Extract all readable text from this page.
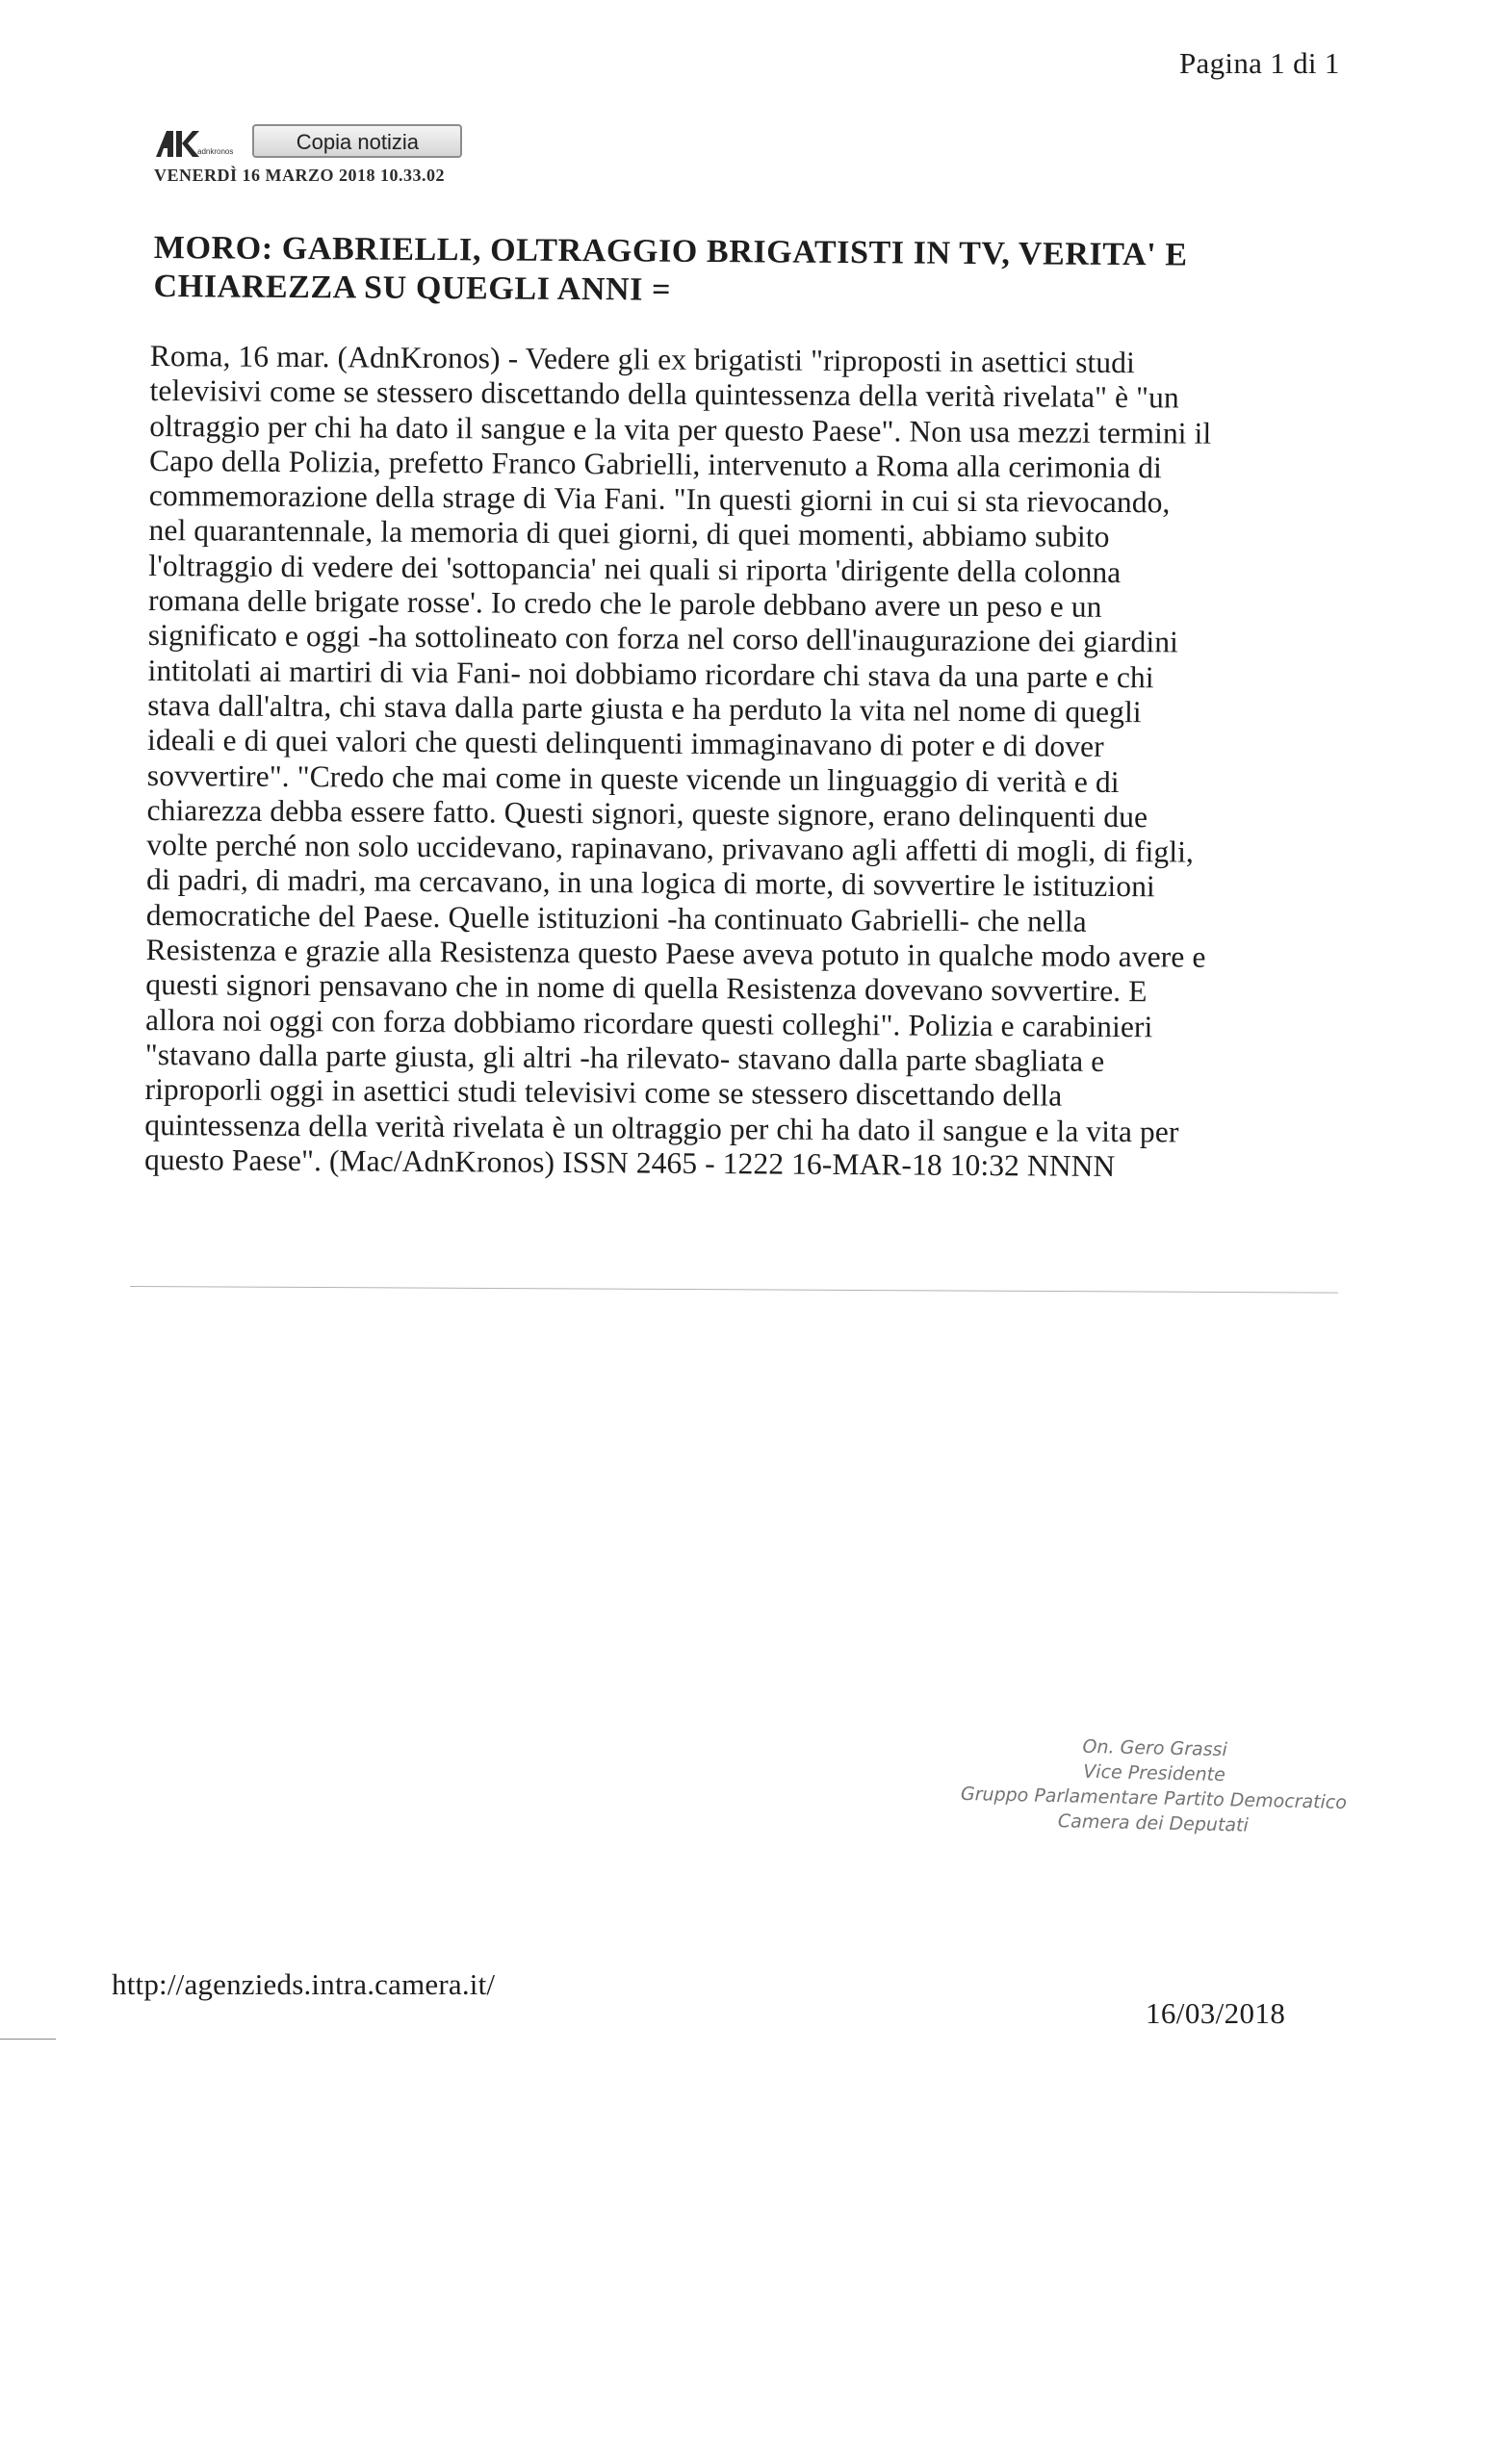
Pagina 1 di 1
adnkronos	Copia notizia
VENERDÌ 16 MARZO 2018 10.33.02
MORO: GABRIELLI, OLTRAGGIO BRIGATISTI IN TV, VERITA' E
CHIAREZZA SU QUEGLI ANNI =
Roma, 16 mar. (AdnKronos) - Vedere gli ex brigatisti "riproposti in asettici studi
televisivi come se stessero discettando della quintessenza della verità rivelata" è "un
oltraggio per chi ha dato il sangue e la vita per questo Paese". Non usa mezzi termini il
Capo della Polizia, prefetto Franco Gabrielli, intervenuto a Roma alla cerimonia di
commemorazione della strage di Via Fani. "In questi giorni in cui si sta rievocando,
nel quarantennale, la memoria di quei giorni, di quei momenti, abbiamo subito
l'oltraggio di vedere dei 'sottopancia' nei quali si riporta 'dirigente della colonna
romana delle brigate rosse'. Io credo che le parole debbano avere un peso e un
significato e oggi -ha sottolineato con forza nel corso dell'inaugurazione dei giardini
intitolati ai martiri di via Fani- noi dobbiamo ricordare chi stava da una parte e chi
stava dall'altra, chi stava dalla parte giusta e ha perduto la vita nel nome di quegli
ideali e di quei valori che questi delinquenti immaginavano di poter e di dover
sovvertire". "Credo che mai come in queste vicende un linguaggio di verità e di
chiarezza debba essere fatto. Questi signori, queste signore, erano delinquenti due
volte perché non solo uccidevano, rapinavano, privavano agli affetti di mogli, di figli,
di padri, di madri, ma cercavano, in una logica di morte, di sovvertire le istituzioni
democratiche del Paese. Quelle istituzioni -ha continuato Gabrielli- che nella
Resistenza e grazie alla Resistenza questo Paese aveva potuto in qualche modo avere e
questi signori pensavano che in nome di quella Resistenza dovevano sovvertire. E
allora noi oggi con forza dobbiamo ricordare questi colleghi". Polizia e carabinieri
"stavano dalla parte giusta, gli altri -ha rilevato- stavano dalla parte sbagliata e
riproporli oggi in asettici studi televisivi come se stessero discettando della
quintessenza della verità rivelata è un oltraggio per chi ha dato il sangue e la vita per
questo Paese". (Mac/AdnKronos) ISSN 2465 - 1222 16-MAR-18 10:32 NNNN
On. Gero Grassi
Vice Presidente
Gruppo Parlamentare Partito Democratico
Camera dei Deputati
http://agenzieds.intra.camera.it/
16/03/2018
